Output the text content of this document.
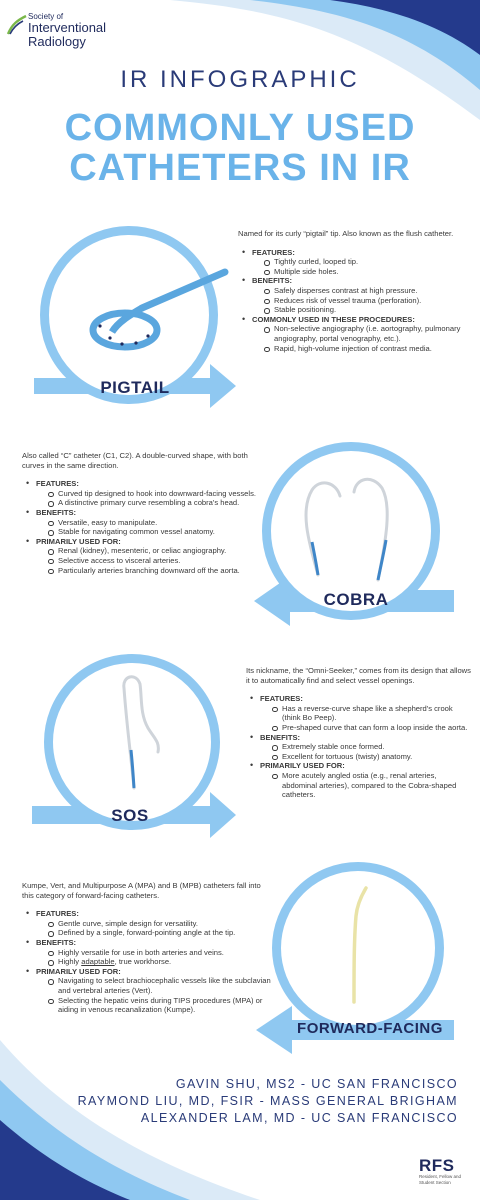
Society of
Interventional
Radiology
IR INFOGRAPHIC
COMMONLY USED
CATHETERS IN IR
PIGTAIL
Named for its curly “pigtail” tip. Also known as the flush catheter.
• FEATURES:
Tightly curled, looped tip.
Multiple side holes.
• BENEFITS:
Safely disperses contrast at high pressure.
Reduces risk of vessel trauma (perforation).
Stable positioning.
• COMMONLY USED IN THESE PROCEDURES:
Non-selective angiography (i.e. aortography, pulmonary angiography, portal venography, etc.).
Rapid, high-volume injection of contrast media.
COBRA
Also called “C” catheter (C1, C2). A double-curved shape, with both curves in the same direction.
• FEATURES:
Curved tip designed to hook into downward-facing vessels.
A distinctive primary curve resembling a cobra's head.
• BENEFITS:
Versatile, easy to manipulate.
Stable for navigating common vessel anatomy.
• PRIMARILY USED FOR:
Renal (kidney), mesenteric, or celiac angiography.
Selective access to visceral arteries.
Particularly arteries branching downward off the aorta.
SOS
Its nickname, the “Omni-Seeker,” comes from its design that allows it to automatically find and select vessel openings.
• FEATURES:
Has a reverse-curve shape like a shepherd's crook (think Bo Peep).
Pre-shaped curve that can form a loop inside the aorta.
• BENEFITS:
Extremely stable once formed.
Excellent for tortuous (twisty) anatomy.
• PRIMARILY USED FOR:
More acutely angled ostia (e.g., renal arteries, abdominal arteries), compared to the Cobra-shaped catheters.
FORWARD-FACING
Kumpe, Vert, and Multipurpose A (MPA) and B (MPB) catheters fall into this category of forward-facing catheters.
• FEATURES:
Gentle curve, simple design for versatility.
Defined by a single, forward-pointing angle at the tip.
• BENEFITS:
Highly versatile for use in both arteries and veins.
Highly adaptable, true workhorse.
• PRIMARILY USED FOR:
Navigating to select brachiocephalic vessels like the subclavian and vertebral arteries (Vert).
Selecting the hepatic veins during TIPS procedures (MPA) or aiding in venous recanalization (Kumpe).
GAVIN SHU, MS2 - UC SAN FRANCISCO
RAYMOND LIU, MD, FSIR - MASS GENERAL BRIGHAM
ALEXANDER LAM, MD - UC SAN FRANCISCO
RFS
Resident, Fellow and
Student Section
